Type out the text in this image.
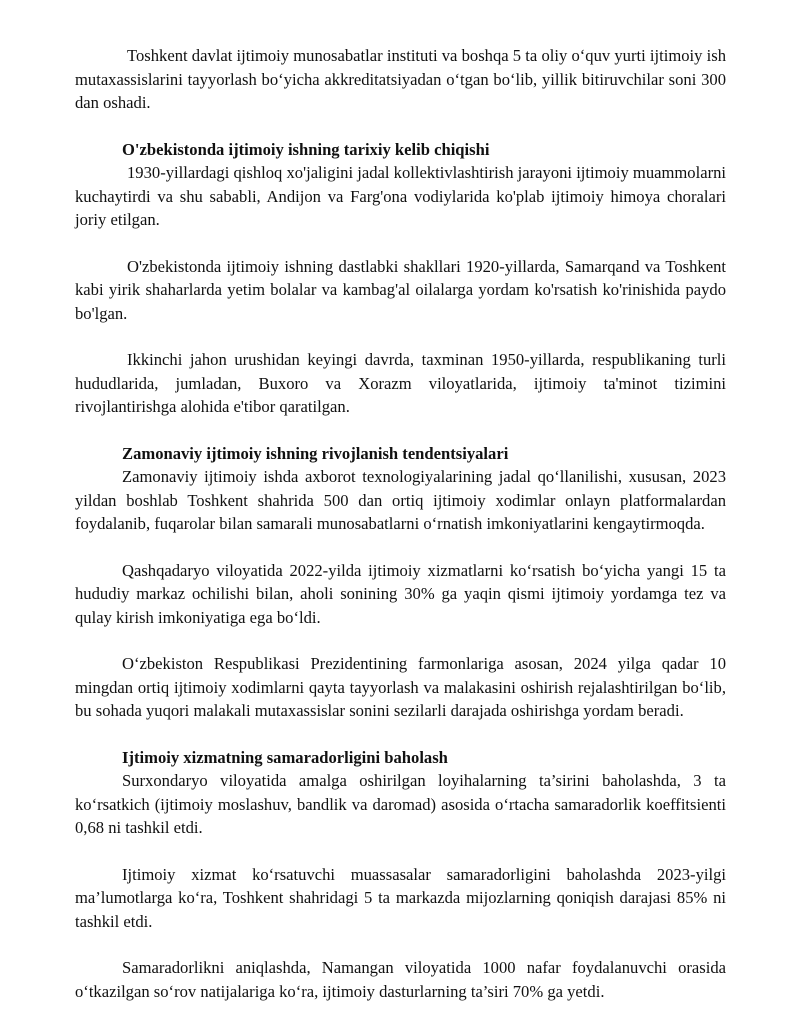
Toshkent davlat ijtimoiy munosabatlar instituti va boshqa 5 ta oliy o‘quv yurti ijtimoiy ish mutaxassislarini tayyorlash bo‘yicha akkreditatsiyadan o‘tgan bo‘lib, yillik bitiruvchilar soni 300 dan oshadi.

O'zbekistonda ijtimoiy ishning tarixiy kelib chiqishi

1930-yillardagi qishloq xo'jaligini jadal kollektivlashtirish jarayoni ijtimoiy muammolarni kuchaytirdi va shu sababli, Andijon va Farg'ona vodiylarida ko'plab ijtimoiy himoya choralari joriy etilgan.

O'zbekistonda ijtimoiy ishning dastlabki shakllari 1920-yillarda, Samarqand va Toshkent kabi yirik shaharlarda yetim bolalar va kambag'al oilalarga yordam ko'rsatish ko'rinishida paydo bo'lgan.

Ikkinchi jahon urushidan keyingi davrda, taxminan 1950-yillarda, respublikaning turli hududlarida, jumladan, Buxoro va Xorazm viloyatlarida, ijtimoiy ta'minot tizimini rivojlantirishga alohida e'tibor qaratilgan.

Zamonaviy ijtimoiy ishning rivojlanish tendentsiyalari

Zamonaviy ijtimoiy ishda axborot texnologiyalarining jadal qo‘llanilishi, xususan, 2023 yildan boshlab Toshkent shahrida 500 dan ortiq ijtimoiy xodimlar onlayn platformalardan foydalanib, fuqarolar bilan samarali munosabatlarni o‘rnatish imkoniyatlarini kengaytirmoqda.

Qashqadaryo viloyatida 2022-yilda ijtimoiy xizmatlarni ko‘rsatish bo‘yicha yangi 15 ta hududiy markaz ochilishi bilan, aholi sonining 30% ga yaqin qismi ijtimoiy yordamga tez va qulay kirish imkoniyatiga ega bo‘ldi.

O‘zbekiston Respublikasi Prezidentining farmonlariga asosan, 2024 yilga qadar 10 mingdan ortiq ijtimoiy xodimlarni qayta tayyorlash va malakasini oshirish rejalashtirilgan bo‘lib, bu sohada yuqori malakali mutaxassislar sonini sezilarli darajada oshirishga yordam beradi.

Ijtimoiy xizmatning samaradorligini baholash

Surxondaryo viloyatida amalga oshirilgan loyihalarning ta’sirini baholashda, 3 ta ko‘rsatkich (ijtimoiy moslashuv, bandlik va daromad) asosida o‘rtacha samaradorlik koeffitsienti 0,68 ni tashkil etdi.

Ijtimoiy xizmat ko‘rsatuvchi muassasalar samaradorligini baholashda 2023-yilgi ma’lumotlarga ko‘ra, Toshkent shahridagi 5 ta markazda mijozlarning qoniqish darajasi 85% ni tashkil etdi.

Samaradorlikni aniqlashda, Namangan viloyatida 1000 nafar foydalanuvchi orasida o‘tkazilgan so‘rov natijalariga ko‘ra, ijtimoiy dasturlarning ta’siri 70% ga yetdi.
